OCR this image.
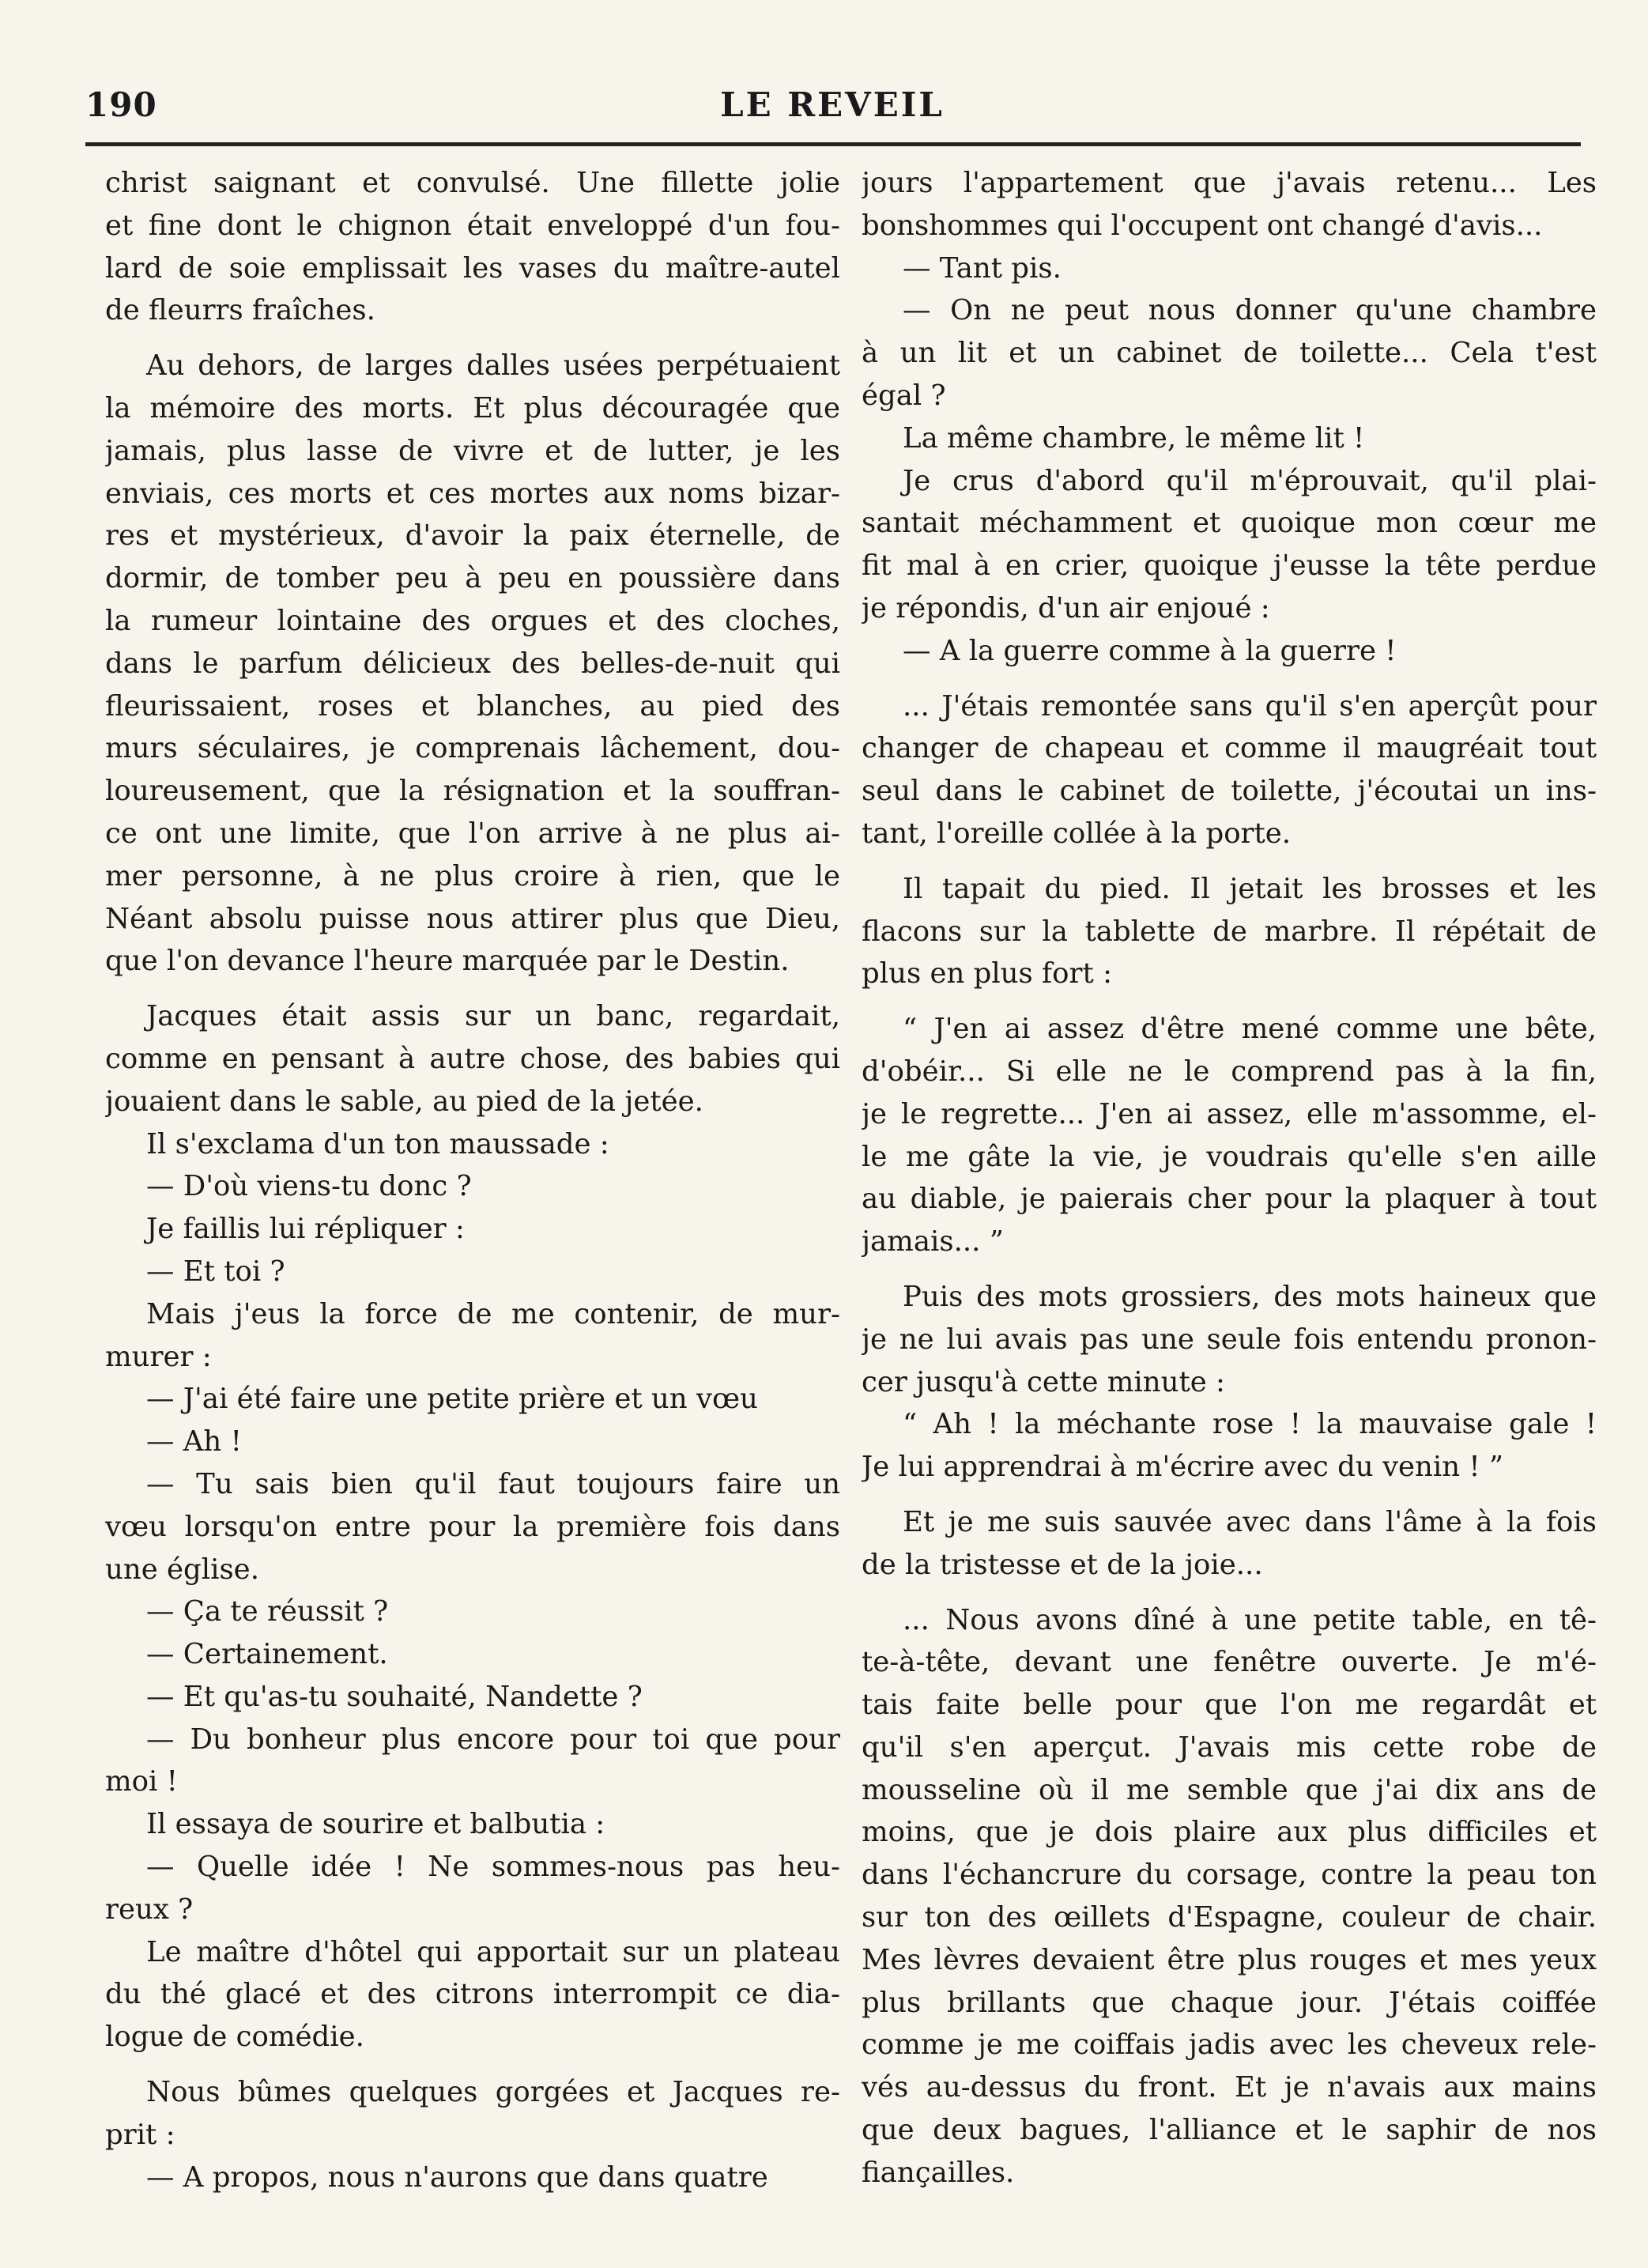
190	LE REVEIL
christ saignant et convulsé. Une fillette jolie
et fine dont le chignon était enveloppé d'un fou-
lard de soie emplissait les vases du maître-autel
de fleurrs fraîches.
Au dehors, de larges dalles usées perpétuaient
la mémoire des morts. Et plus découragée que
jamais, plus lasse de vivre et de lutter, je les
enviais, ces morts et ces mortes aux noms bizar-
res et mystérieux, d'avoir la paix éternelle, de
dormir, de tomber peu à peu en poussière dans
la rumeur lointaine des orgues et des cloches,
dans le parfum délicieux des belles-de-nuit qui
fleurissaient, roses et blanches, au pied des
murs séculaires, je comprenais lâchement, dou-
loureusement, que la résignation et la souffran-
ce ont une limite, que l'on arrive à ne plus ai-
mer personne, à ne plus croire à rien, que le
Néant absolu puisse nous attirer plus que Dieu,
que l'on devance l'heure marquée par le Destin.
Jacques était assis sur un banc, regardait,
comme en pensant à autre chose, des babies qui
jouaient dans le sable, au pied de la jetée.
Il s'exclama d'un ton maussade :
— D'où viens-tu donc ?
Je faillis lui répliquer :
— Et toi ?
Mais j'eus la force de me contenir, de mur-
murer :
— J'ai été faire une petite prière et un vœu
— Ah !
— Tu sais bien qu'il faut toujours faire un
vœu lorsqu'on entre pour la première fois dans
une église.
— Ça te réussit ?
— Certainement.
— Et qu'as-tu souhaité, Nandette ?
— Du bonheur plus encore pour toi que pour
moi !
Il essaya de sourire et balbutia :
— Quelle idée ! Ne sommes-nous pas heu-
reux ?
Le maître d'hôtel qui apportait sur un plateau
du thé glacé et des citrons interrompit ce dia-
logue de comédie.
Nous bûmes quelques gorgées et Jacques re-
prit :
— A propos, nous n'aurons que dans quatre
jours l'appartement que j'avais retenu... Les
bonshommes qui l'occupent ont changé d'avis...
— Tant pis.
— On ne peut nous donner qu'une chambre
à un lit et un cabinet de toilette... Cela t'est
égal ?
La même chambre, le même lit !
Je crus d'abord qu'il m'éprouvait, qu'il plai-
santait méchamment et quoique mon cœur me
fit mal à en crier, quoique j'eusse la tête perdue
je répondis, d'un air enjoué :
— A la guerre comme à la guerre !
... J'étais remontée sans qu'il s'en aperçût pour
changer de chapeau et comme il maugréait tout
seul dans le cabinet de toilette, j'écoutai un ins-
tant, l'oreille collée à la porte.
Il tapait du pied. Il jetait les brosses et les
flacons sur la tablette de marbre. Il répétait de
plus en plus fort :
“ J'en ai assez d'être mené comme une bête,
d'obéir... Si elle ne le comprend pas à la fin,
je le regrette... J'en ai assez, elle m'assomme, el-
le me gâte la vie, je voudrais qu'elle s'en aille
au diable, je paierais cher pour la plaquer à tout
jamais... ”
Puis des mots grossiers, des mots haineux que
je ne lui avais pas une seule fois entendu pronon-
cer jusqu'à cette minute :
“ Ah ! la méchante rose ! la mauvaise gale !
Je lui apprendrai à m'écrire avec du venin ! ”
Et je me suis sauvée avec dans l'âme à la fois
de la tristesse et de la joie...
... Nous avons dîné à une petite table, en tê-
te-à-tête, devant une fenêtre ouverte. Je m'é-
tais faite belle pour que l'on me regardât et
qu'il s'en aperçut. J'avais mis cette robe de
mousseline où il me semble que j'ai dix ans de
moins, que je dois plaire aux plus difficiles et
dans l'échancrure du corsage, contre la peau ton
sur ton des œillets d'Espagne, couleur de chair.
Mes lèvres devaient être plus rouges et mes yeux
plus brillants que chaque jour. J'étais coiffée
comme je me coiffais jadis avec les cheveux rele-
vés au-dessus du front. Et je n'avais aux mains
que deux bagues, l'alliance et le saphir de nos
fiançailles.
